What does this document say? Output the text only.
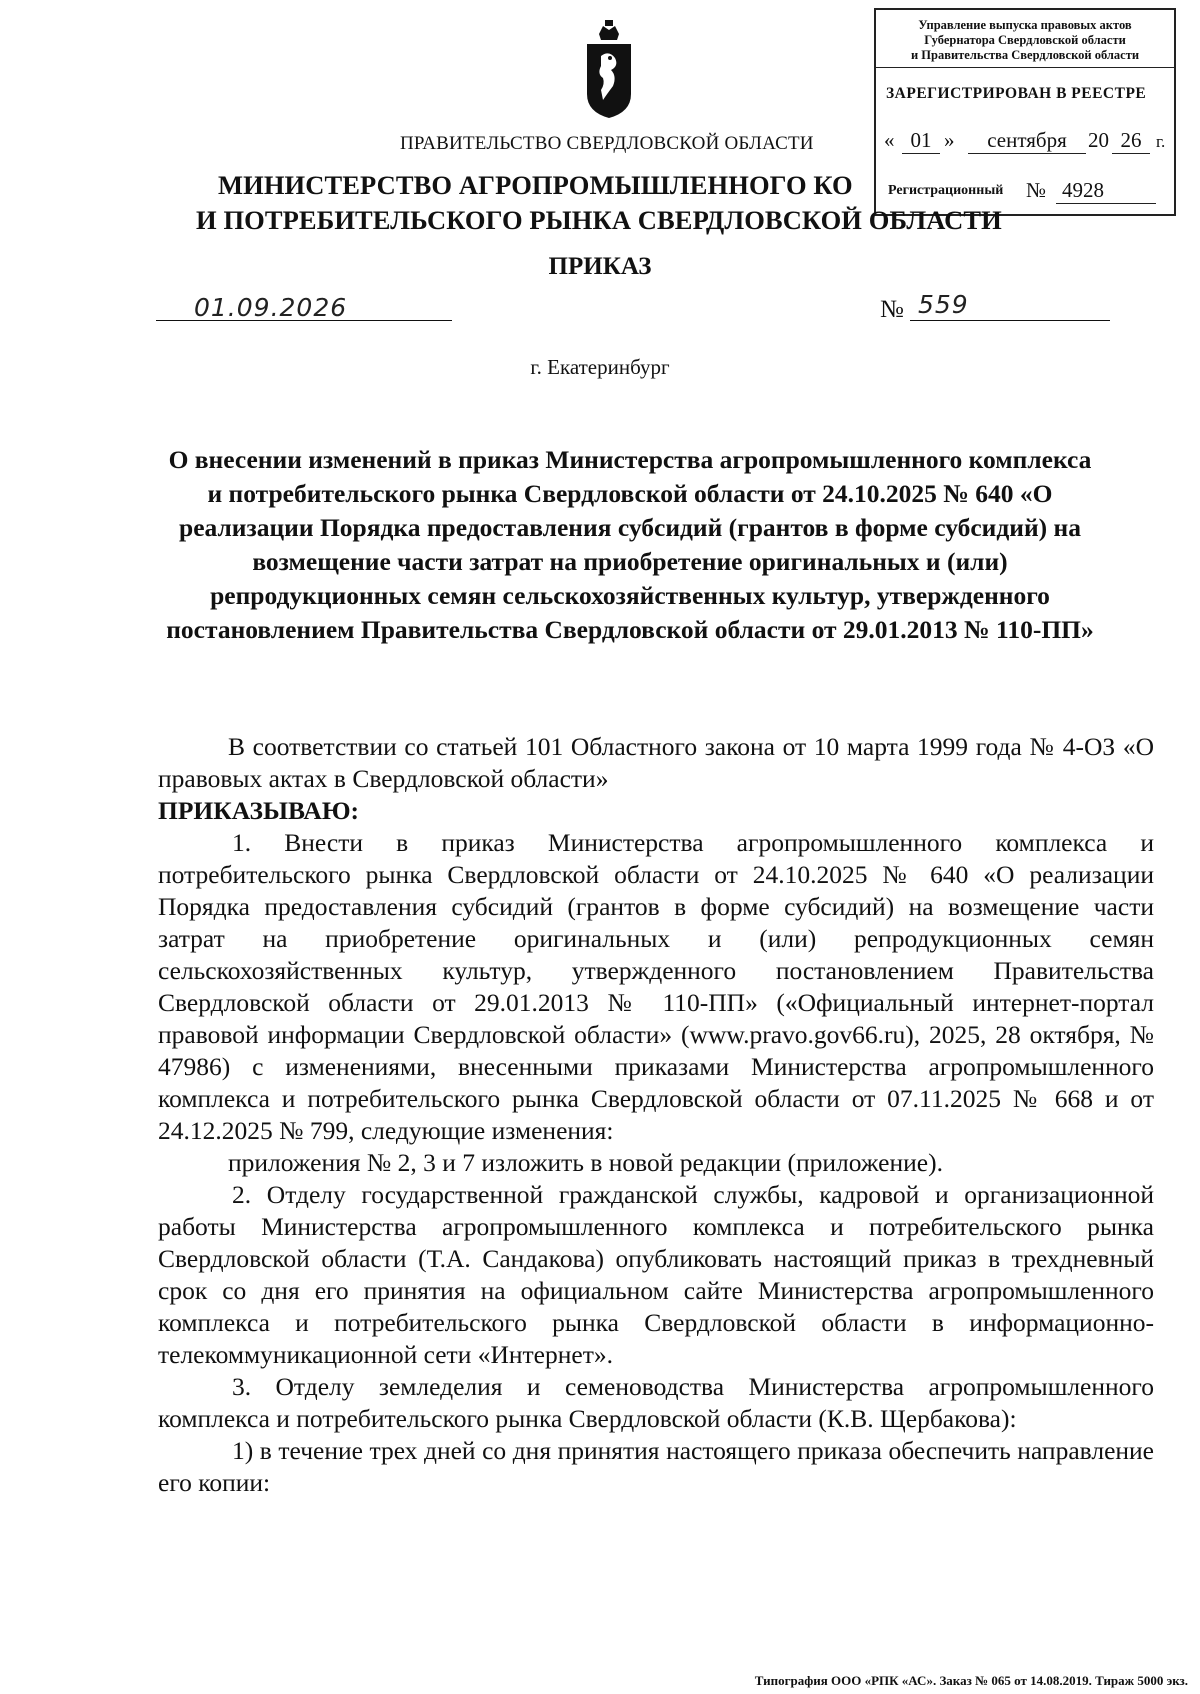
Управление выпуска правовых актов
Губернатора Свердловской области
и Правительства Свердловской области
ЗАРЕГИСТРИРОВАН В РЕЕСТРЕ
« 01 »	сентября	20 26 г.
Регистрационный № 4928
ПРАВИТЕЛЬСТВО СВЕРДЛОВСКОЙ ОБЛАСТИ
МИНИСТЕРСТВО АГРОПРОМЫШЛЕННОГО КО
И ПОТРЕБИТЕЛЬСКОГО РЫНКА СВЕРДЛОВСКОЙ ОБЛАСТИ
ПРИКАЗ
01.09.2026	№ 559
г. Екатеринбург
О внесении изменений в приказ Министерства агропромышленного комплекса и потребительского рынка Свердловской области от 24.10.2025 № 640 «О реализации Порядка предоставления субсидий (грантов в форме субсидий) на возмещение части затрат на приобретение оригинальных и (или) репродукционных семян сельскохозяйственных культур, утвержденного постановлением Правительства Свердловской области от 29.01.2013 № 110-ПП»

В соответствии со статьей 101 Областного закона от 10 марта 1999 года № 4-ОЗ «О правовых актах в Свердловской области»

ПРИКАЗЫВАЮ:

1. Внести в приказ Министерства агропромышленного комплекса и потребительского рынка Свердловской области от 24.10.2025 № 640 «О реализации Порядка предоставления субсидий (грантов в форме субсидий) на возмещение части затрат на приобретение оригинальных и (или) репродукционных семян сельскохозяйственных культур, утвержденного постановлением Правительства Свердловской области от 29.01.2013 № 110-ПП» («Официальный интернет-портал правовой информации Свердловской области» (www.pravo.gov66.ru), 2025, 28 октября, № 47986) с изменениями, внесенными приказами Министерства агропромышленного комплекса и потребительского рынка Свердловской области от 07.11.2025 № 668 и от 24.12.2025 № 799, следующие изменения:

приложения № 2, 3 и 7 изложить в новой редакции (приложение).

2. Отделу государственной гражданской службы, кадровой и организационной работы Министерства агропромышленного комплекса и потребительского рынка Свердловской области (Т.А. Сандакова) опубликовать настоящий приказ в трехдневный срок со дня его принятия на официальном сайте Министерства агропромышленного комплекса и потребительского рынка Свердловской области в информационно-телекоммуникационной сети «Интернет».

3. Отделу земледелия и семеноводства Министерства агропромышленного комплекса и потребительского рынка Свердловской области (К.В. Щербакова):

1) в течение трех дней со дня принятия настоящего приказа обеспечить направление его копии:

Типография ООО «РПК «АС». Заказ № 065 от 14.08.2019. Тираж 5000 экз.
